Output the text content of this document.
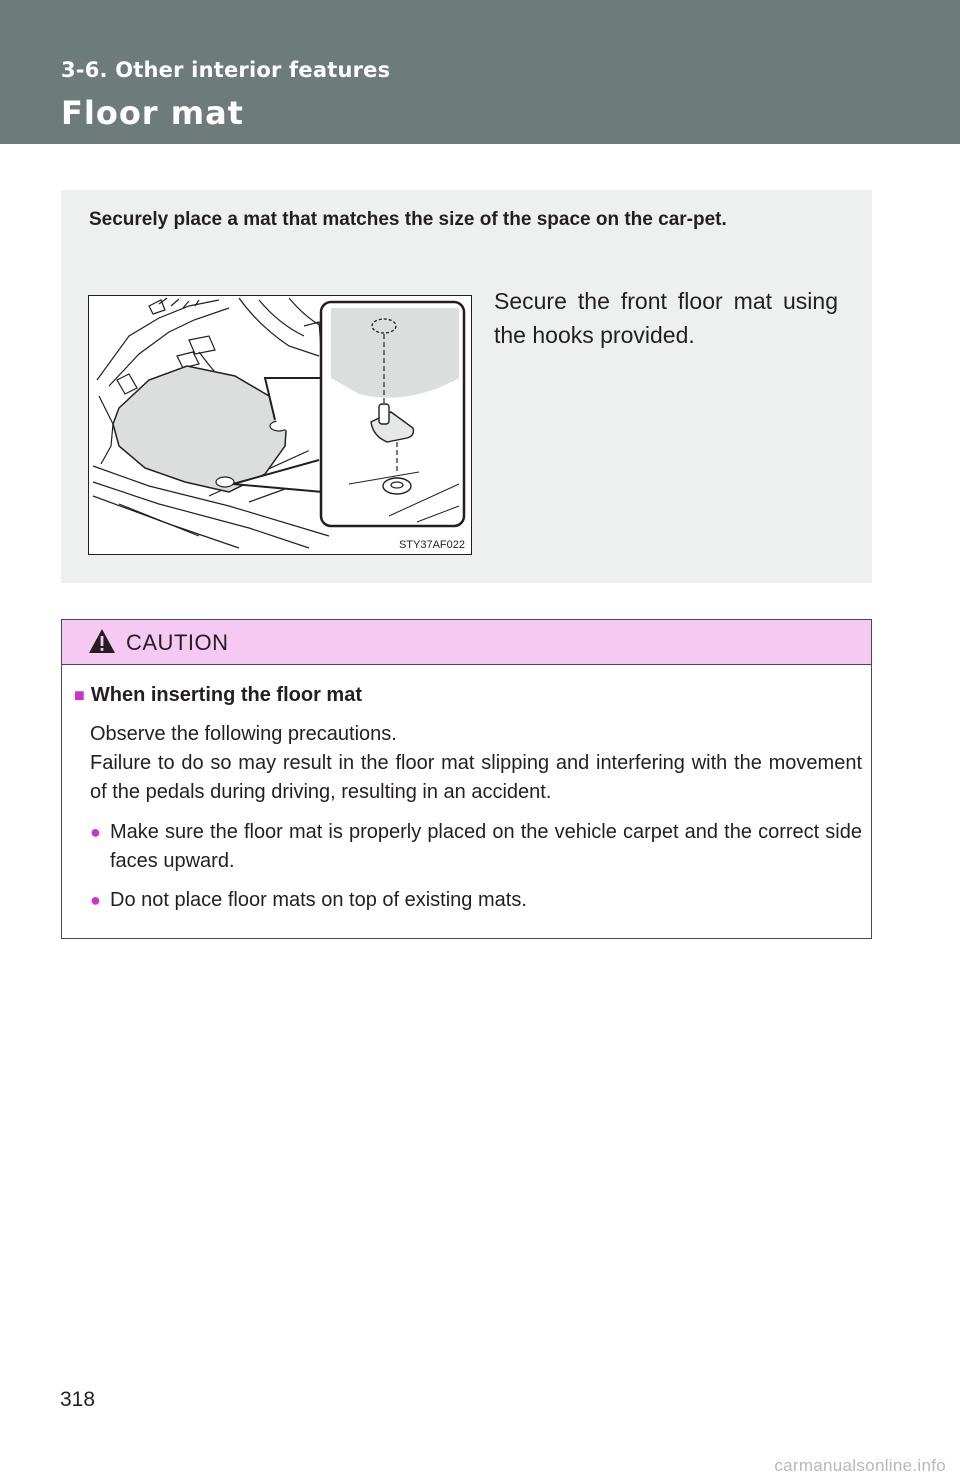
3-6. Other interior features
Floor mat
Securely place a mat that matches the size of the space on the car-pet.
STY37AF022
Secure the front floor mat using the hooks provided.
CAUTION
■ When inserting the floor mat

Observe the following precautions.

Failure to do so may result in the floor mat slipping and interfering with the movement of the pedals during driving, resulting in an accident.

● Make sure the floor mat is properly placed on the vehicle carpet and the correct side faces upward.
● Do not place floor mats on top of existing mats.
318
carmanualsonline.info
